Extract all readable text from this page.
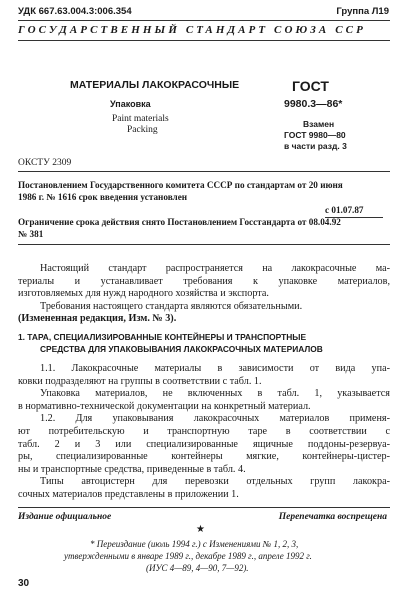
УДК 667.63.004.3:006.354	Группа Л19
ГОСУДАРСТВЕННЫЙ СТАНДАРТ СОЮЗА ССР
МАТЕРИАЛЫ ЛАКОКРАСОЧНЫЕ
Упаковка
Paint materials
Packing
ГОСТ
9980.3—86*
Взамен
ГОСТ 9980—80
в части разд. 3
ОКСТУ 2309
Постановлением Государственного комитета СССР по стандартам от 20 июня
1986 г. № 1616 срок введения установлен
с 01.07.87
Ограничение срока действия снято Постановлением Госстандарта от 08.04.92
№ 381
Настоящий стандарт распространяется на лакокрасочные ма-
териалы и устанавливает требования к упаковке материалов,
изготовляемых для нужд народного хозяйства и экспорта.
Требования настоящего стандарта являются обязательными.
(Измененная редакция, Изм. № 3).
1. ТАРА, СПЕЦИАЛИЗИРОВАННЫЕ КОНТЕЙНЕРЫ И ТРАНСПОРТНЫЕ
СРЕДСТВА ДЛЯ УПАКОВЫВАНИЯ ЛАКОКРАСОЧНЫХ МАТЕРИАЛОВ
1.1. Лакокрасочные материалы в зависимости от вида упа-
ковки подразделяют на группы в соответствии с табл. 1.
Упаковка материалов, не включенных в табл. 1, указывается
в нормативно-технической документации на конкретный материал.
1.2. Для упаковывания лакокрасочных материалов применя-
ют потребительскую и транспортную таре в соответствии с
табл. 2 и 3 или специализированные ящичные поддоны-резервуа-
ры, специализированные контейнеры мягкие, контейнеры-цистер-
ны и транспортные средства, приведенные в табл. 4.
Типы автоцистерн для перевозки отдельных групп лакокра-
сочных материалов представлены в приложении 1.
Издание официальное	Перепечатка воспрещена
★
* Переиздание (июль 1994 г.) с Изменениями № 1, 2, 3,
утвержденными в январе 1989 г., декабре 1989 г., апреле 1992 г.
(ИУС 4—89, 4—90, 7—92).
30
